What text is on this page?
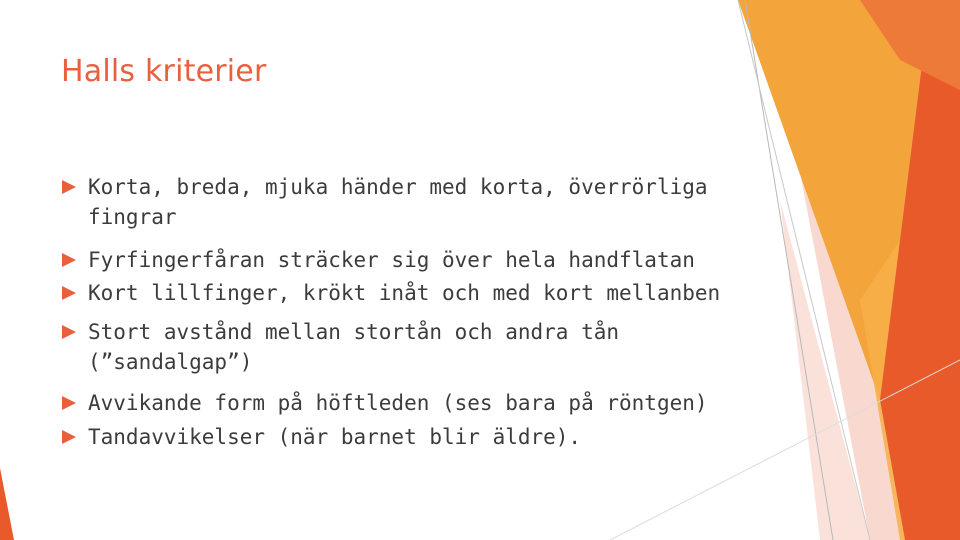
Halls kriterier
Korta, breda, mjuka händer med korta, överrörliga fingrar
Fyrfingerfåran sträcker sig över hela handflatan
Kort lillfinger, krökt inåt och med kort mellanben
Stort avstånd mellan stortån och andra tån (”sandalgap”)
Avvikande form på höftleden (ses bara på röntgen)
Tandavvikelser (när barnet blir äldre).
